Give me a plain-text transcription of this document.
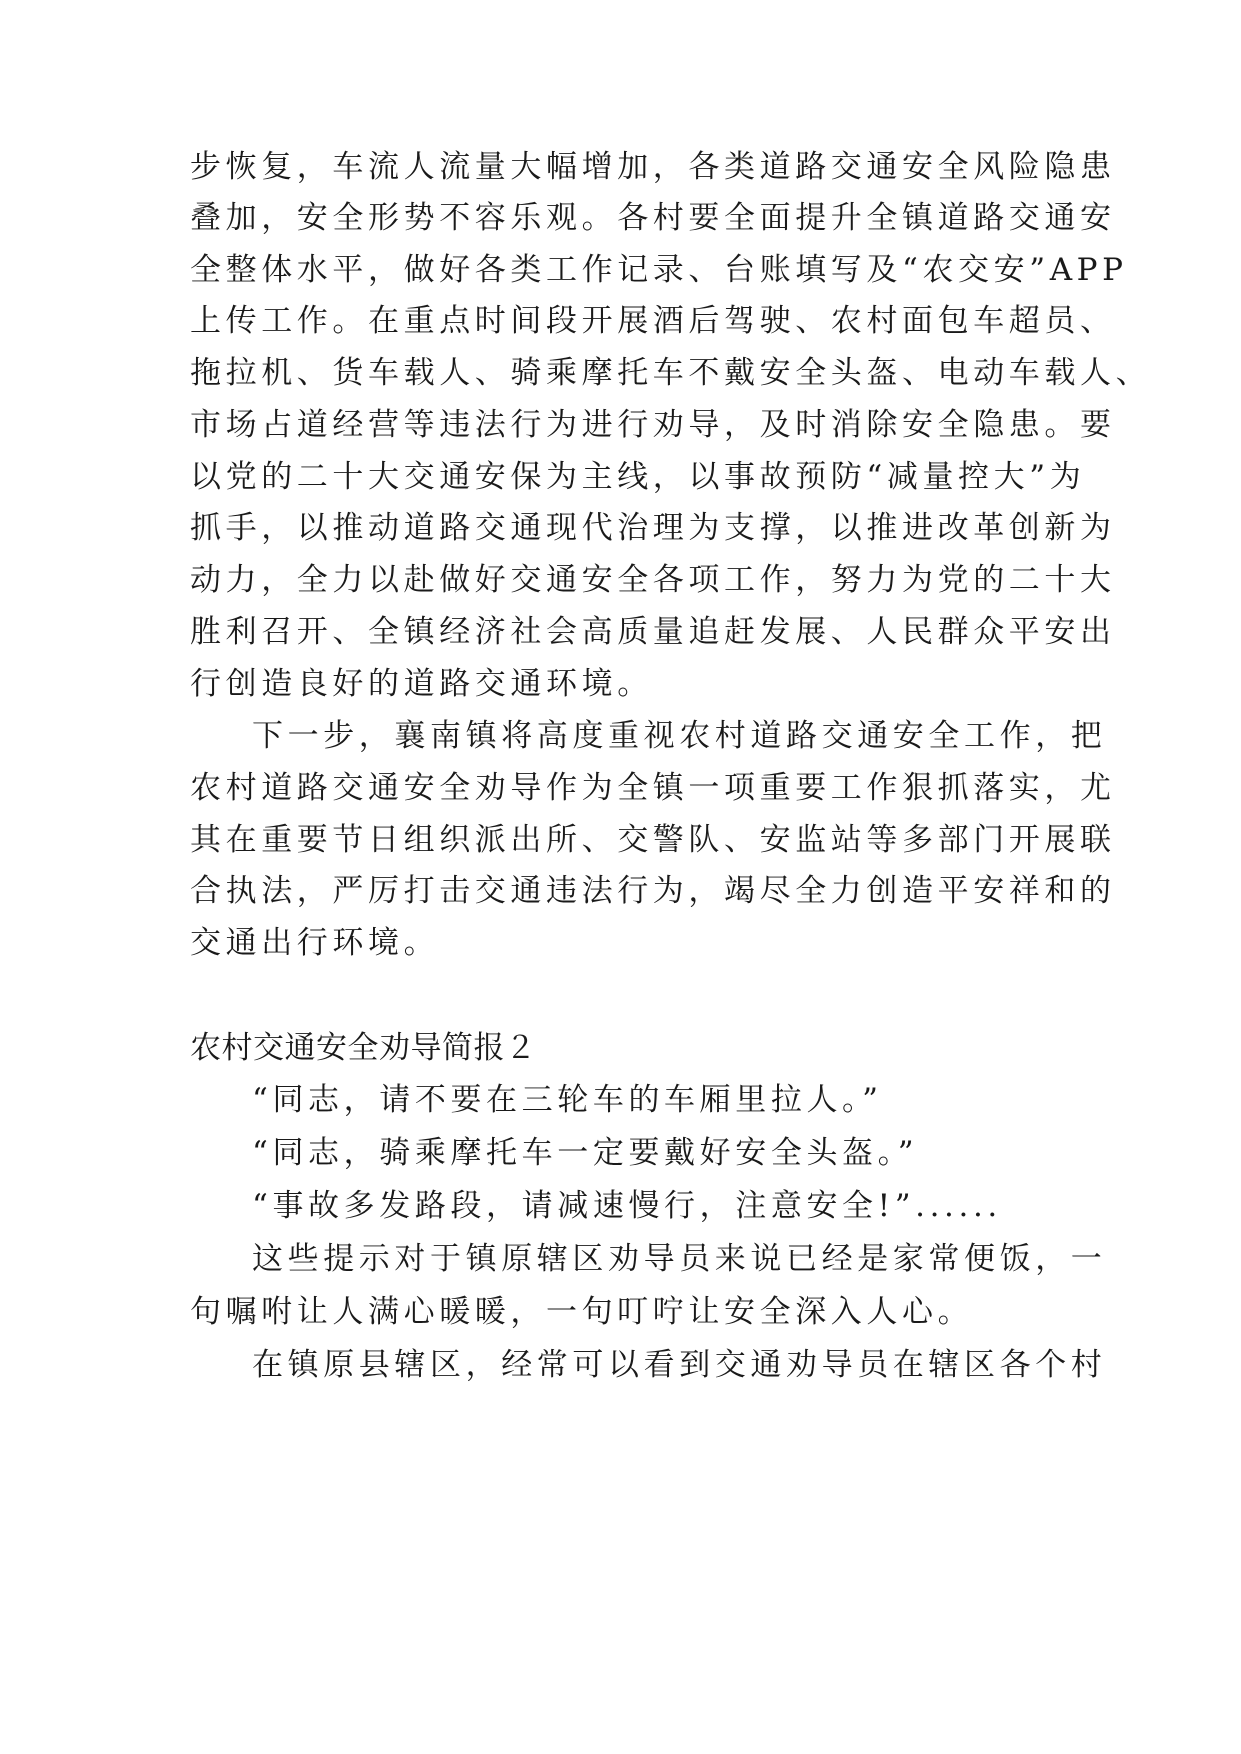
步恢复，车流人流量大幅增加，各类道路交通安全风险隐患
叠加，安全形势不容乐观。各村要全面提升全镇道路交通安
全整体水平，做好各类工作记录、台账填写及“农交安”APP
上传工作。在重点时间段开展酒后驾驶、农村面包车超员、
拖拉机、货车载人、骑乘摩托车不戴安全头盔、电动车载人、
市场占道经营等违法行为进行劝导，及时消除安全隐患。要
以党的二十大交通安保为主线，以事故预防“减量控大”为
抓手，以推动道路交通现代治理为支撑，以推进改革创新为
动力，全力以赴做好交通安全各项工作，努力为党的二十大
胜利召开、全镇经济社会高质量追赶发展、人民群众平安出
行创造良好的道路交通环境。
下一步，襄南镇将高度重视农村道路交通安全工作，把
农村道路交通安全劝导作为全镇一项重要工作狠抓落实，尤
其在重要节日组织派出所、交警队、安监站等多部门开展联
合执法，严厉打击交通违法行为，竭尽全力创造平安祥和的
交通出行环境。
农村交通安全劝导简报２
“同志，请不要在三轮车的车厢里拉人。”
“同志，骑乘摩托车一定要戴好安全头盔。”
“事故多发路段，请减速慢行，注意安全!”......
这些提示对于镇原辖区劝导员来说已经是家常便饭，一
句嘱咐让人满心暖暖，一句叮咛让安全深入人心。
在镇原县辖区，经常可以看到交通劝导员在辖区各个村
